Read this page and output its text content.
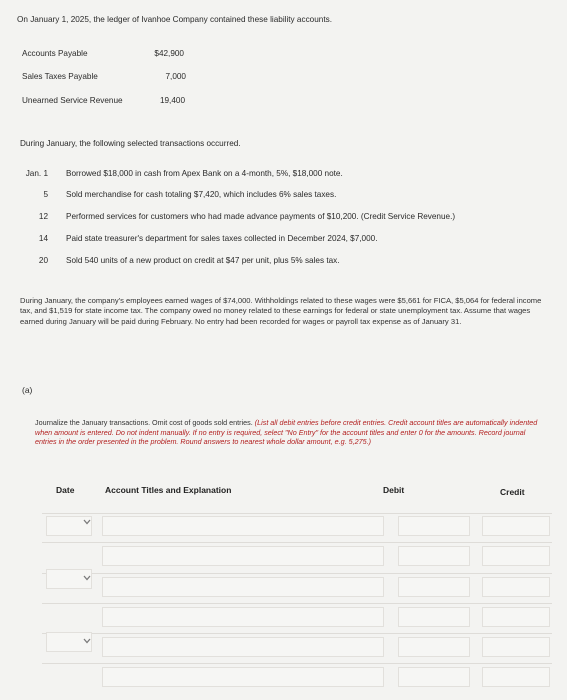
On January 1, 2025, the ledger of Ivanhoe Company contained these liability accounts.
Accounts Payable	$42,900
Sales Taxes Payable	7,000
Unearned Service Revenue	19,400
During January, the following selected transactions occurred.
Jan. 1 Borrowed $18,000 in cash from Apex Bank on a 4-month, 5%, $18,000 note.
5 Sold merchandise for cash totaling $7,420, which includes 6% sales taxes.
12 Performed services for customers who had made advance payments of $10,200. (Credit Service Revenue.)
14 Paid state treasurer's department for sales taxes collected in December 2024, $7,000.
20 Sold 540 units of a new product on credit at $47 per unit, plus 5% sales tax.
During January, the company's employees earned wages of $74,000. Withholdings related to these wages were $5,661 for FICA, $5,064 for federal income tax, and $1,519 for state income tax. The company owed no money related to these earnings for federal or state unemployment tax. Assume that wages earned during January will be paid during February. No entry had been recorded for wages or payroll tax expense as of January 31.
(a)
Journalize the January transactions. Omit cost of goods sold entries. (List all debit entries before credit entries. Credit account titles are automatically indented when amount is entered. Do not indent manually. If no entry is required, select "No Entry" for the account titles and enter 0 for the amounts. Record journal entries in the order presented in the problem. Round answers to nearest whole dollar amount, e.g. 5,275.)
Date	Account Titles and Explanation	Debit	Credit
